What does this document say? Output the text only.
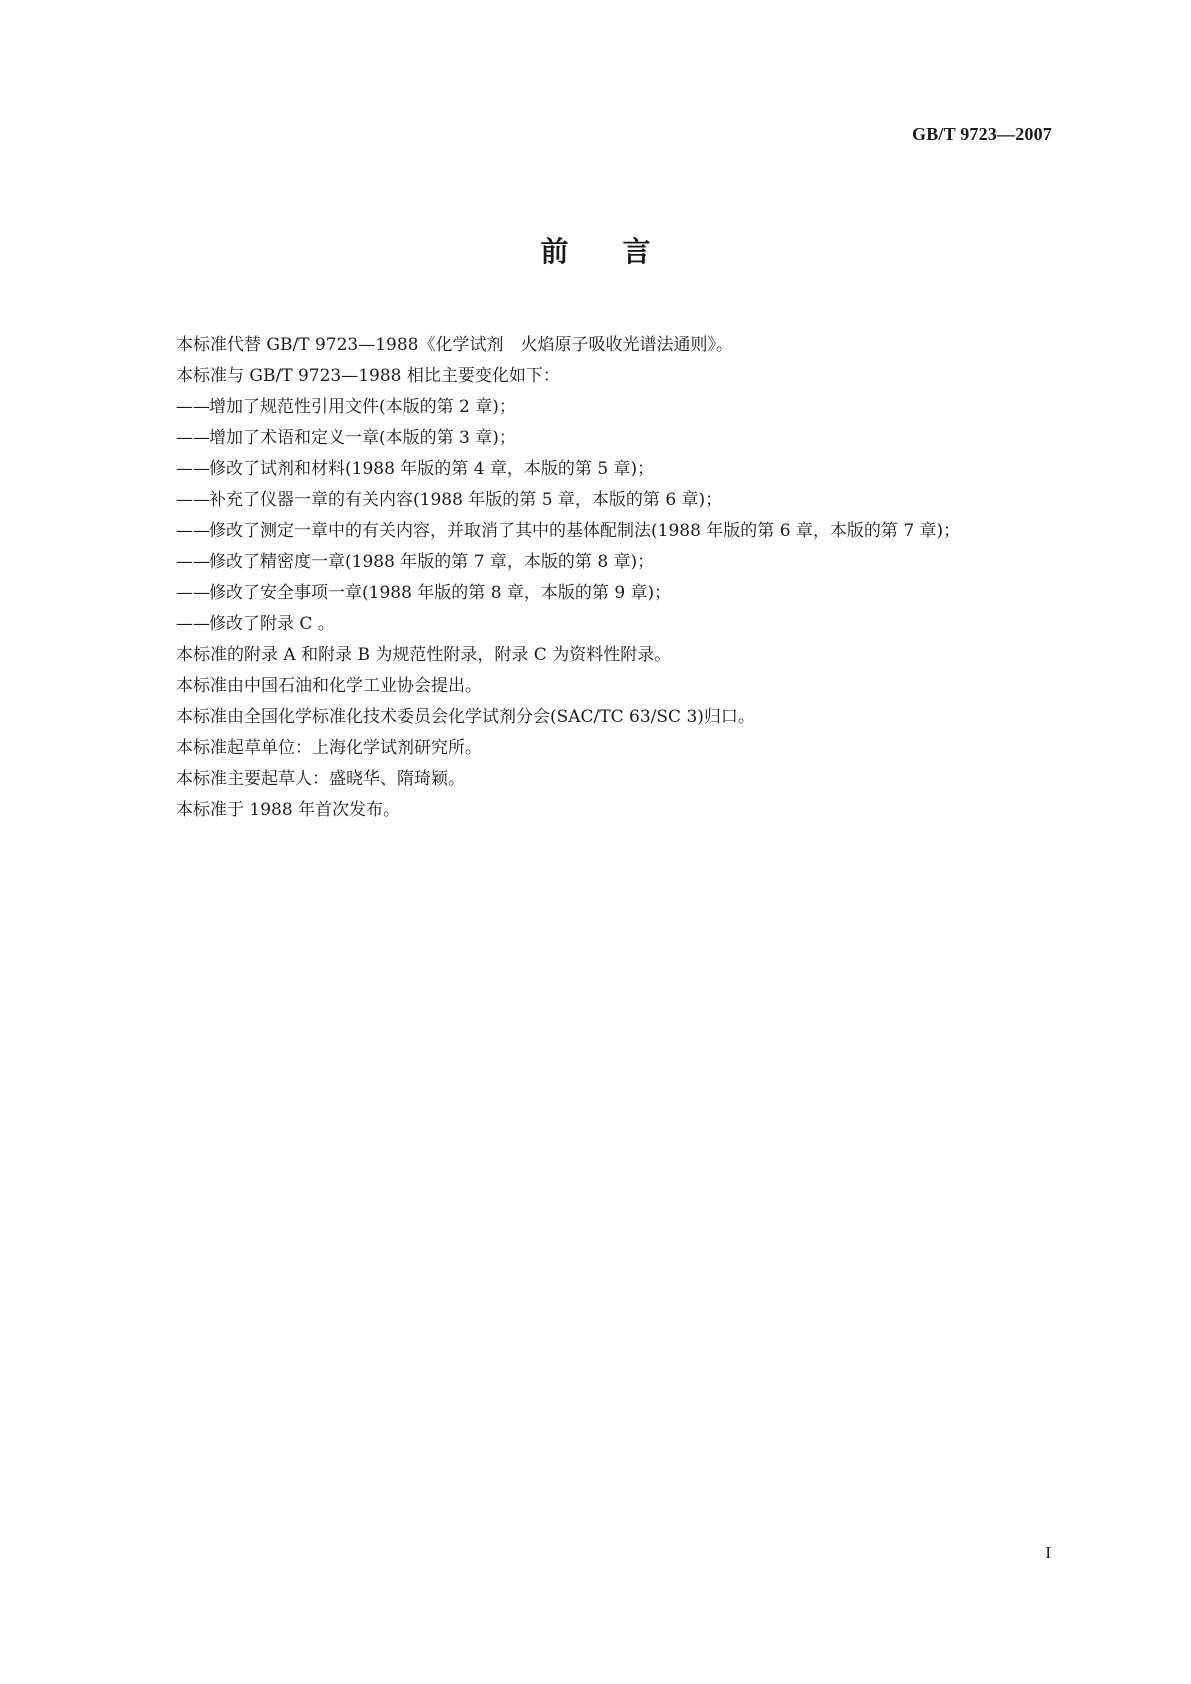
GB/T 9723—2007
前言

本标准代替 GB/T 9723—1988《化学试剂　火焰原子吸收光谱法通则》。

本标准与 GB/T 9723—1988 相比主要变化如下：

——增加了规范性引用文件(本版的第 2 章)；

——增加了术语和定义一章(本版的第 3 章)；

——修改了试剂和材料(1988 年版的第 4 章，本版的第 5 章)；

——补充了仪器一章的有关内容(1988 年版的第 5 章，本版的第 6 章)；

——修改了测定一章中的有关内容，并取消了其中的基体配制法(1988 年版的第 6 章，本版的第 7 章)；

——修改了精密度一章(1988 年版的第 7 章，本版的第 8 章)；

——修改了安全事项一章(1988 年版的第 8 章，本版的第 9 章)；

——修改了附录 C 。

本标准的附录 A 和附录 B 为规范性附录，附录 C 为资料性附录。

本标准由中国石油和化学工业协会提出。

本标准由全国化学标准化技术委员会化学试剂分会(SAC/TC 63/SC 3)归口。

本标准起草单位：上海化学试剂研究所。

本标准主要起草人：盛晓华、隋琦颖。

本标准于 1988 年首次发布。

I
